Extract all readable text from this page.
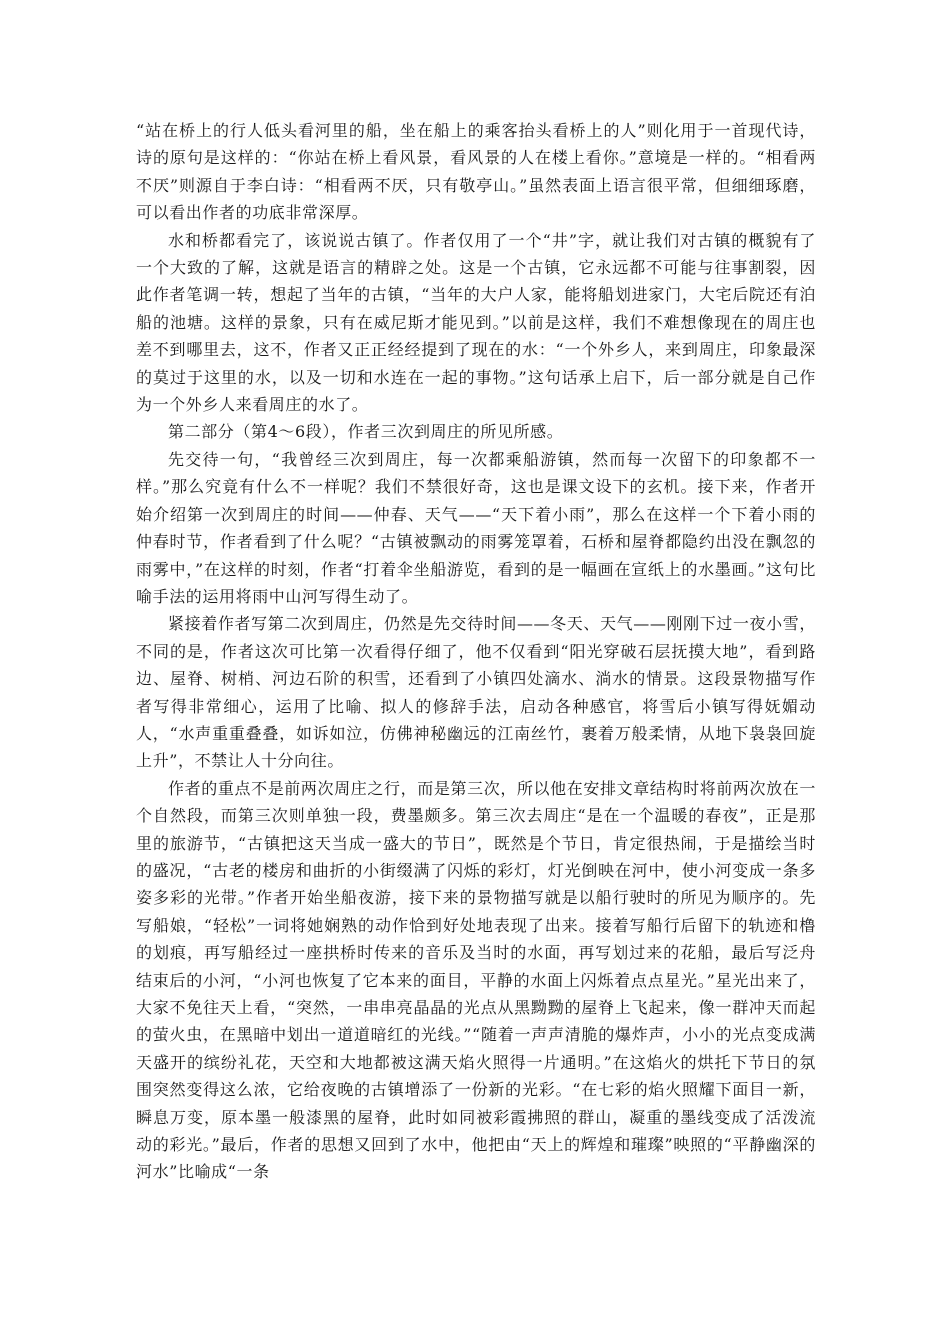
“站在桥上的行人低头看河里的船，坐在船上的乘客抬头看桥上的人”则化用于一首现代诗，诗的原句是这样的：“你站在桥上看风景，看风景的人在楼上看你。”意境是一样的。“相看两不厌”则源自于李白诗：“相看两不厌，只有敬亭山。”虽然表面上语言很平常，但细细琢磨，可以看出作者的功底非常深厚。

水和桥都看完了，该说说古镇了。作者仅用了一个“井”字，就让我们对古镇的概貌有了一个大致的了解，这就是语言的精辟之处。这是一个古镇，它永远都不可能与往事割裂，因此作者笔调一转，想起了当年的古镇，“当年的大户人家，能将船划进家门，大宅后院还有泊船的池塘。这样的景象，只有在威尼斯才能见到。”以前是这样，我们不难想像现在的周庄也差不到哪里去，这不，作者又正正经经提到了现在的水：“一个外乡人，来到周庄，印象最深的莫过于这里的水，以及一切和水连在一起的事物。”这句话承上启下，后一部分就是自己作为一个外乡人来看周庄的水了。

第二部分（第4～6段），作者三次到周庄的所见所感。

先交待一句，“我曾经三次到周庄，每一次都乘船游镇，然而每一次留下的印象都不一样。”那么究竟有什么不一样呢？我们不禁很好奇，这也是课文设下的玄机。接下来，作者开始介绍第一次到周庄的时间——仲春、天气——“天下着小雨”，那么在这样一个下着小雨的仲春时节，作者看到了什么呢？“古镇被飘动的雨雾笼罩着，石桥和屋脊都隐约出没在飘忽的雨雾中，”在这样的时刻，作者“打着伞坐船游览，看到的是一幅画在宣纸上的水墨画。”这句比喻手法的运用将雨中山河写得生动了。

紧接着作者写第二次到周庄，仍然是先交待时间——冬天、天气——刚刚下过一夜小雪，不同的是，作者这次可比第一次看得仔细了，他不仅看到“阳光穿破石层抚摸大地”，看到路边、屋脊、树梢、河边石阶的积雪，还看到了小镇四处滴水、淌水的情景。这段景物描写作者写得非常细心，运用了比喻、拟人的修辞手法，启动各种感官，将雪后小镇写得妩媚动人，“水声重重叠叠，如诉如泣，仿佛神秘幽远的江南丝竹，裹着万般柔情，从地下袅袅回旋上升”，不禁让人十分向往。

作者的重点不是前两次周庄之行，而是第三次，所以他在安排文章结构时将前两次放在一个自然段，而第三次则单独一段，费墨颇多。第三次去周庄“是在一个温暖的春夜”，正是那里的旅游节，“古镇把这天当成一盛大的节日”，既然是个节日，肯定很热闹，于是描绘当时的盛况，“古老的楼房和曲折的小街缀满了闪烁的彩灯，灯光倒映在河中，使小河变成一条多姿多彩的光带。”作者开始坐船夜游，接下来的景物描写就是以船行驶时的所见为顺序的。先写船娘，“轻松”一词将她娴熟的动作恰到好处地表现了出来。接着写船行后留下的轨迹和橹的划痕，再写船经过一座拱桥时传来的音乐及当时的水面，再写划过来的花船，最后写泛舟结束后的小河，“小河也恢复了它本来的面目，平静的水面上闪烁着点点星光。”星光出来了，大家不免往天上看，“突然，一串串亮晶晶的光点从黑黝黝的屋脊上飞起来，像一群冲天而起的萤火虫，在黑暗中划出一道道暗红的光线。”“随着一声声清脆的爆炸声，小小的光点变成满天盛开的缤纷礼花，天空和大地都被这满天焰火照得一片通明。”在这焰火的烘托下节日的氛围突然变得这么浓，它给夜晚的古镇增添了一份新的光彩。“在七彩的焰火照耀下面目一新，瞬息万变，原本墨一般漆黑的屋脊，此时如同被彩霞拂照的群山，凝重的墨线变成了活泼流动的彩光。”最后，作者的思想又回到了水中，他把由“天上的辉煌和璀璨”映照的“平静幽深的河水”比喻成“一条
